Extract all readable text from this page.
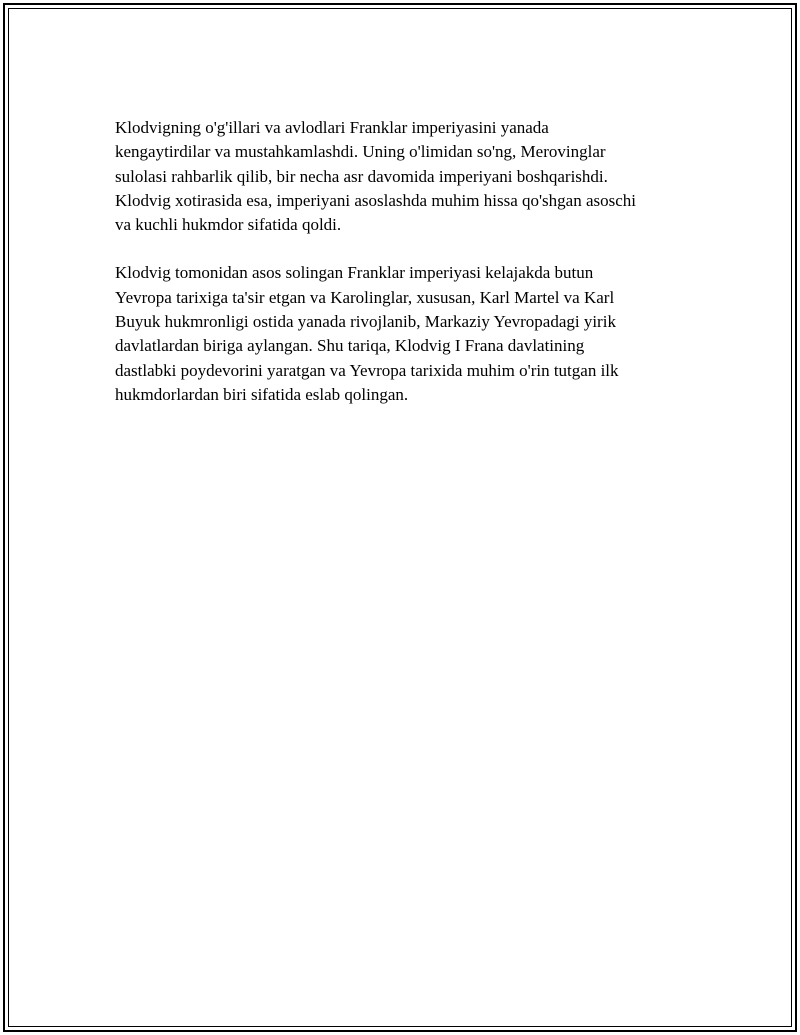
Klodvigning o'g'illari va avlodlari Franklar imperiyasini yanada
kengaytirdilar va mustahkamlashdi. Uning o'limidan so'ng, Merovinglar
sulolasi rahbarlik qilib, bir necha asr davomida imperiyani boshqarishdi.
Klodvig xotirasida esa, imperiyani asoslashda muhim hissa qo'shgan asoschi
va kuchli hukmdor sifatida qoldi.

Klodvig tomonidan asos solingan Franklar imperiyasi kelajakda butun
Yevropa tarixiga ta'sir etgan va Karolinglar, xususan, Karl Martel va Karl
Buyuk hukmronligi ostida yanada rivojlanib, Markaziy Yevropadagi yirik
davlatlardan biriga aylangan. Shu tariqa, Klodvig I Frana davlatining
dastlabki poydevorini yaratgan va Yevropa tarixida muhim o'rin tutgan ilk
hukmdorlardan biri sifatida eslab qolingan.
